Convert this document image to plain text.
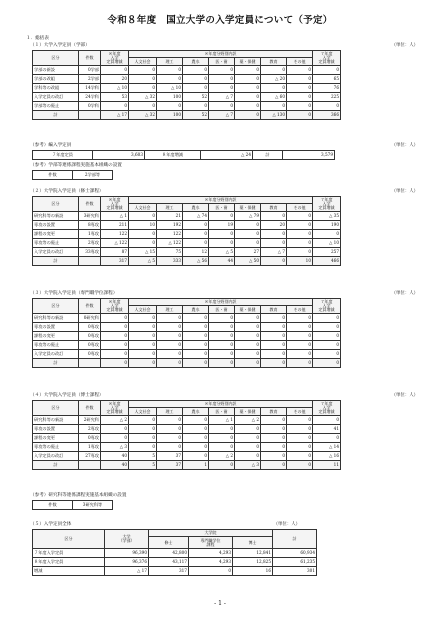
令和８年度　国立大学の入学定員について（予定）
１．総括表
（１）大学入学定員（学部）	（単位：人）
区分	件数	８年度
入学
定員増減	８年度分野別内訳							７年度
入学
定員増減
			人文社会	理工	農水	医・歯	薬・保健	教育	その他	
学部の新設	0学部	0	0	0	0	0	0	0	0	0
学部の改組	2学部	20	0	0	0	0	0	△ 20	0	65
学科等の改組	14学科	△ 10	0	△ 10	0	0	0	0	0	76
入学定員の改訂	24学科	53	△ 32	100	52	△ 7	0	△ 60	0	225
学部等の廃止	0学科	0	0	0	0	0	0	0	0	0
計		△ 17	△ 32	100	52	△ 7	0	△ 130	0	366
（参考）編入学定員	（単位：人）
７年度定員	3,603	８年度増減	△ 24	計	3,579
（参考）学部等連係課程実施基本組織の設置
件数	2学部等
（２）大学院入学定員（修士課程）	（単位：人）
区分	件数	８年度
入学
定員増減	８年度分野別内訳							７年度
入学
定員増減
			人文社会	理工	農水	医・歯	薬・保健	教育	その他	
研究科等の新設	3研究科	△ 1	0	21	△ 74	0	△ 79	0	0	△ 35
専攻の設置	8専攻	211	10	192	0	19	0	20	0	190
課程の変更	1専攻	122	0	122	0	0	0	0	0	0
専攻等の廃止	2専攻	△ 122	0	△ 122	0	0	0	0	0	△ 10
入学定員の改訂	33専攻	87	△ 15	75	12	△ 5	27	△ 7	0	257
計		317	△ 5	333	△ 56	44	△ 50	0	10	466
（３）大学院入学定員（専門職学位課程）	（単位：人）
区分	件数	８年度
入学
定員増減	８年度分野別内訳							７年度
入学
定員増減
			人文社会	理工	農水	医・歯	薬・保健	教育	その他	
研究科等の新設	0研究科	0	0	0	0	0	0	0	0	0
専攻の設置	0専攻	0	0	0	0	0	0	0	0	0
課程の変更	0専攻	0	0	0	0	0	0	0	0	0
専攻等の廃止	0専攻	0	0	0	0	0	0	0	0	0
入学定員の改訂	0専攻	0	0	0	0	0	0	0	0	0
計		0	0	0	0	0	0	0	0	0
（４）大学院入学定員（博士課程）	（単位：人）
区分	件数	８年度
入学
定員増減	８年度分野別内訳							７年度
入学
定員増減
			人文社会	理工	農水	医・歯	薬・保健	教育	その他	
研究科等の新設	2研究科	△ 2	0	0	0	△ 1	△ 2	0	0	0
専攻の設置	2専攻	0	0	0	0	0	0	0	0	41
課程の変更	0専攻	0	0	0	0	0	0	0	0	0
専攻等の廃止	1専攻	△ 3	0	0	0	0	0	0	0	△ 14
入学定員の改訂	27専攻	40	5	37	0	△ 2	0	0	0	△ 16
計		40	5	37	1	0	△ 3	0	0	11
（参考）研究科等連係課程実施基本組織の設置
件数	3研究科等
（５）入学定員全体	（単位：人）
区分	大学
（学部）	大学院			計
		修士	専門職学位
課程	博士	
７年度入学定員	96,390	42,800	4,293	12,841	60,934
８年度入学定員	96,376	43,117	4,293	12,825	61,235
増減	△ 17	317	0	16	301
- 1 -
